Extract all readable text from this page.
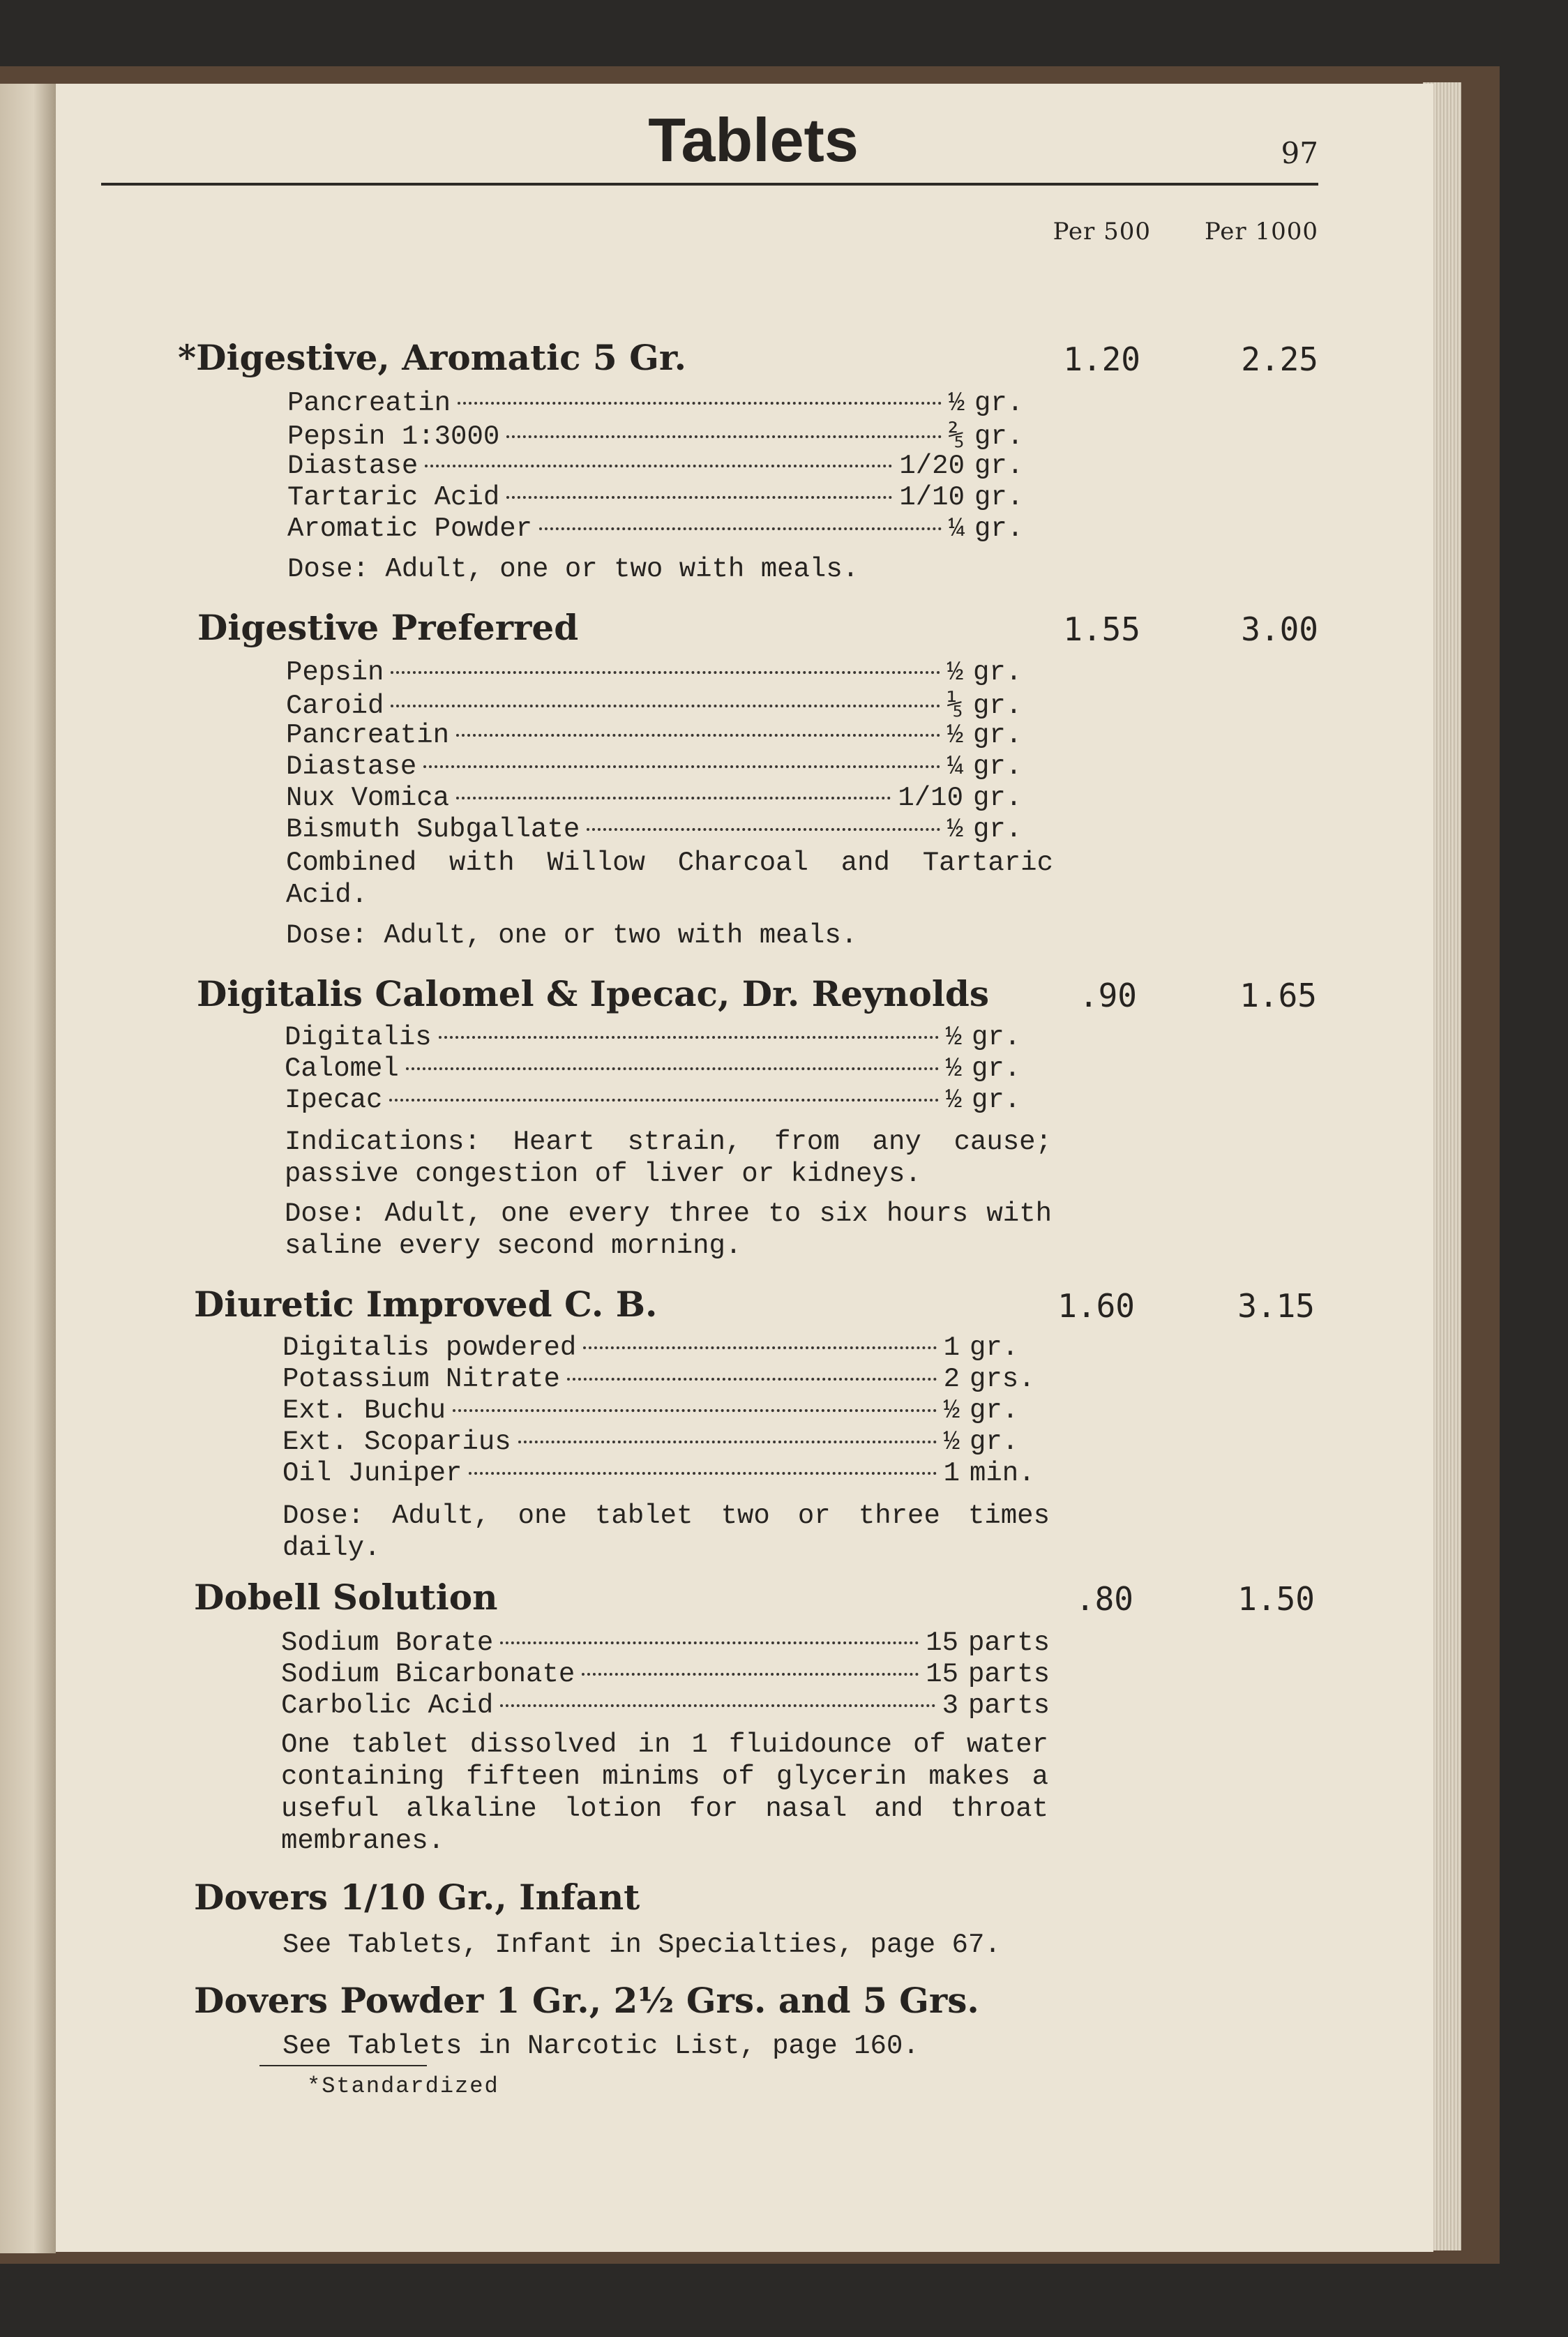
Tablets	97

Per 500	Per 1000
*Digestive, Aromatic 5 Gr.	1.20	2.25
Pancreatin	½ gr.
Pepsin 1:3000	⅖ gr.
Diastase	1/20 gr.
Tartaric Acid	1/10 gr.
Aromatic Powder	¼ gr.

Dose: Adult, one or two with meals.

Digestive Preferred	1.55	3.00
Pepsin	½ gr.
Caroid	⅕ gr.
Pancreatin	½ gr.
Diastase	¼ gr.
Nux Vomica	1/10 gr.
Bismuth Subgallate	½ gr.

Combined with Willow Charcoal and Tartaric Acid.

Dose: Adult, one or two with meals.

Digitalis Calomel & Ipecac, Dr. Reynolds	.90	1.65
Digitalis	½ gr.
Calomel	½ gr.
Ipecac	½ gr.

Indications: Heart strain, from any cause; passive congestion of liver or kidneys.

Dose: Adult, one every three to six hours with saline every second morning.

Diuretic Improved C. B.	1.60	3.15
Digitalis powdered	1 gr.
Potassium Nitrate	2 grs.
Ext. Buchu	½ gr.
Ext. Scoparius	½ gr.
Oil Juniper	1 min.

Dose: Adult, one tablet two or three times daily.

Dobell Solution	.80	1.50
Sodium Borate	15 parts
Sodium Bicarbonate	15 parts
Carbolic Acid	3 parts

One tablet dissolved in 1 fluidounce of water containing fifteen minims of glycerin makes a useful alkaline lotion for nasal and throat membranes.

Dovers 1/10 Gr., Infant

See Tablets, Infant in Specialties, page 67.

Dovers Powder 1 Gr., 2½ Grs. and 5 Grs.

See Tablets in Narcotic List, page 160.

*Standardized
